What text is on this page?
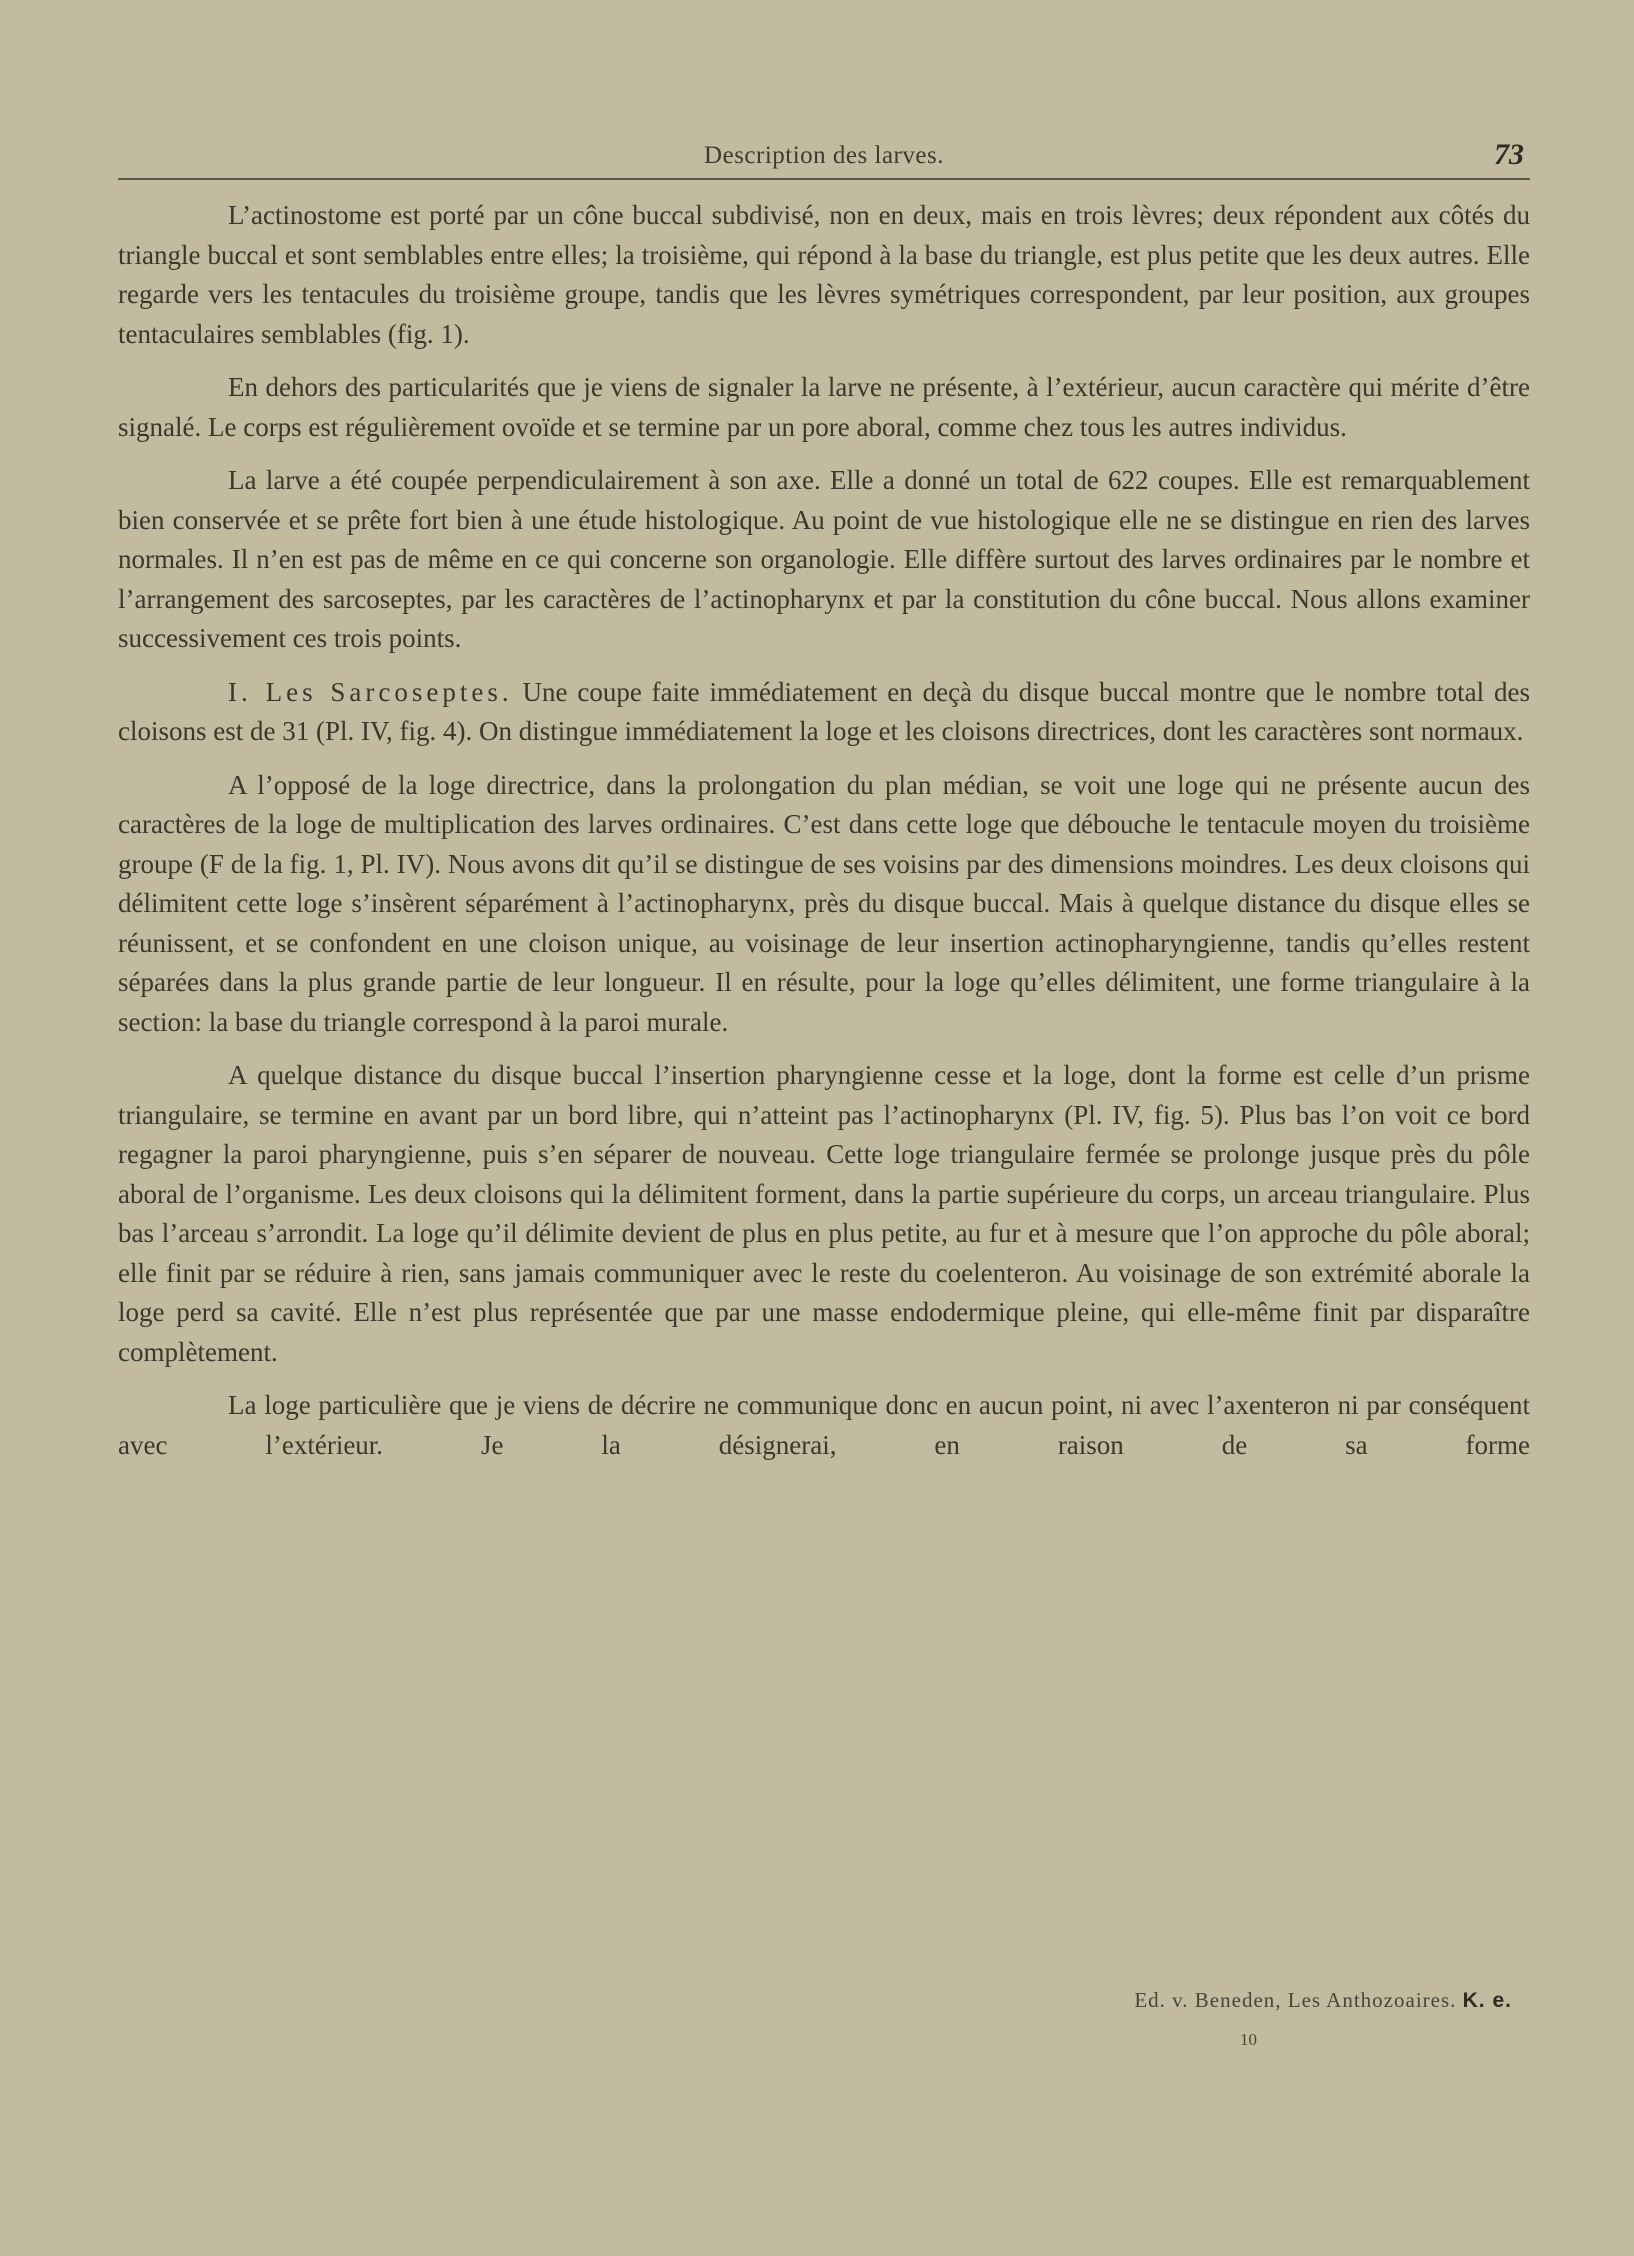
Description des larves.	73

L’actinostome est porté par un cône buccal subdivisé, non en deux, mais en trois lèvres; deux répondent aux côtés du triangle buccal et sont semblables entre elles; la troisième, qui répond à la base du triangle, est plus petite que les deux autres. Elle regarde vers les tentacules du troisième groupe, tandis que les lèvres symétriques correspondent, par leur position, aux groupes tentaculaires semblables (fig. 1).

En dehors des particularités que je viens de signaler la larve ne présente, à l’extérieur, aucun caractère qui mérite d’être signalé. Le corps est régulièrement ovoïde et se termine par un pore aboral, comme chez tous les autres individus.

La larve a été coupée perpendiculairement à son axe. Elle a donné un total de 622 coupes. Elle est remarquablement bien conservée et se prête fort bien à une étude histologique. Au point de vue histologique elle ne se distingue en rien des larves normales. Il n’en est pas de même en ce qui concerne son organologie. Elle diffère surtout des larves ordinaires par le nombre et l’arrangement des sarcoseptes, par les caractères de l’actinopharynx et par la constitution du cône buccal. Nous allons examiner successivement ces trois points.

I. Les Sarcoseptes. Une coupe faite immédiatement en deçà du disque buccal montre que le nombre total des cloisons est de 31 (Pl. IV, fig. 4). On distingue immédiatement la loge et les cloisons directrices, dont les caractères sont normaux.

A l’opposé de la loge directrice, dans la prolongation du plan médian, se voit une loge qui ne présente aucun des caractères de la loge de multiplication des larves ordinaires. C’est dans cette loge que débouche le tentacule moyen du troisième groupe (F de la fig. 1, Pl. IV). Nous avons dit qu’il se distingue de ses voisins par des dimensions moindres. Les deux cloisons qui délimitent cette loge s’insèrent séparément à l’actinopharynx, près du disque buccal. Mais à quelque distance du disque elles se réunissent, et se confondent en une cloison unique, au voisinage de leur insertion actinopharyngienne, tandis qu’elles restent séparées dans la plus grande partie de leur longueur. Il en résulte, pour la loge qu’elles délimitent, une forme triangulaire à la section: la base du triangle correspond à la paroi murale.

A quelque distance du disque buccal l’insertion pharyngienne cesse et la loge, dont la forme est celle d’un prisme triangulaire, se termine en avant par un bord libre, qui n’atteint pas l’actinopharynx (Pl. IV, fig. 5). Plus bas l’on voit ce bord regagner la paroi pharyngienne, puis s’en séparer de nouveau. Cette loge triangulaire fermée se prolonge jusque près du pôle aboral de l’organisme. Les deux cloisons qui la délimitent forment, dans la partie supérieure du corps, un arceau triangulaire. Plus bas l’arceau s’arrondit. La loge qu’il délimite devient de plus en plus petite, au fur et à mesure que l’on approche du pôle aboral; elle finit par se réduire à rien, sans jamais communiquer avec le reste du coelenteron. Au voisinage de son extrémité aborale la loge perd sa cavité. Elle n’est plus représentée que par une masse endodermique pleine, qui elle-même finit par disparaître complètement.

La loge particulière que je viens de décrire ne communique donc en aucun point, ni avec l’axenteron ni par conséquent avec l’extérieur. Je la désignerai, en raison de sa forme

Ed. v. Beneden, Les Anthozoaires. K. e.
10
